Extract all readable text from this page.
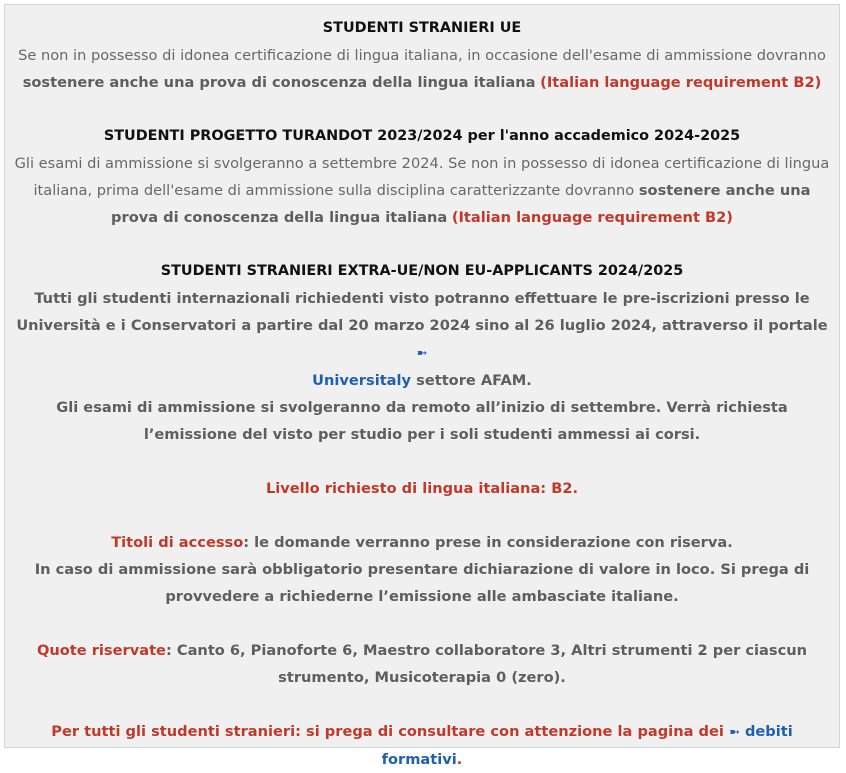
STUDENTI STRANIERI UE

Se non in possesso di idonea certificazione di lingua italiana, in occasione dell'esame di ammissione dovranno sostenere anche una prova di conoscenza della lingua italiana (Italian language requirement B2)

STUDENTI PROGETTO TURANDOT 2023/2024 per l'anno accademico 2024-2025

Gli esami di ammissione si svolgeranno a settembre 2024. Se non in possesso di idonea certificazione di lingua italiana, prima dell'esame di ammissione sulla disciplina caratterizzante dovranno sostenere anche una prova di conoscenza della lingua italiana (Italian language requirement B2)

STUDENTI STRANIERI EXTRA-UE/NON EU-APPLICANTS 2024/2025

Tutti gli studenti internazionali richiedenti visto potranno effettuare le pre-iscrizioni presso le Università e i Conservatori a partire dal 20 marzo 2024 sino al 26 luglio 2024, attraverso il portale ➼
Universitaly settore AFAM.

Gli esami di ammissione si svolgeranno da remoto all’inizio di settembre. Verrà richiesta l’emissione del visto per studio per i soli studenti ammessi ai corsi.

Livello richiesto di lingua italiana: B2.

Titoli di accesso: le domande verranno prese in considerazione con riserva.

In caso di ammissione sarà obbligatorio presentare dichiarazione di valore in loco. Si prega di provvedere a richiederne l’emissione alle ambasciate italiane.

Quote riservate: Canto 6, Pianoforte 6, Maestro collaboratore 3, Altri strumenti 2 per ciascun strumento, Musicoterapia 0 (zero).

Per tutti gli studenti stranieri: si prega di consultare con attenzione la pagina dei ➼ debiti formativi.
